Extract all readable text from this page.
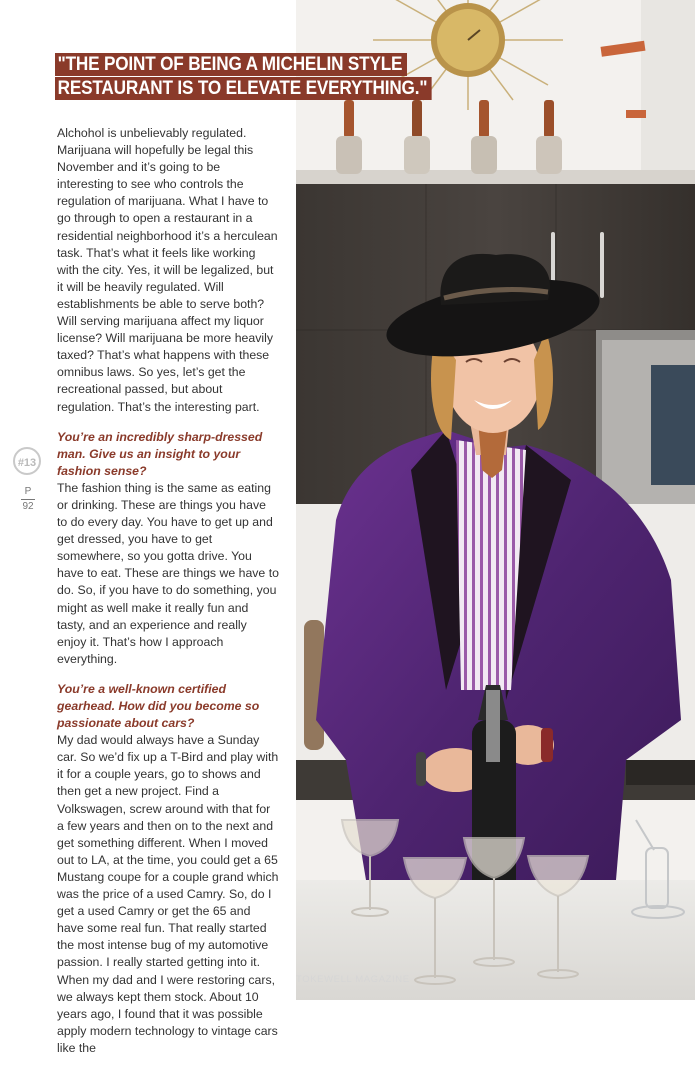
TOKEWELL MAGAZINE

Alchohol is unbelievably regulated. Marijuana will hopefully be legal this November and it’s going to be interesting to see who controls the regulation of marijuana. What I have to go through to open a restaurant in a residential neighborhood it’s a herculean task. That’s what it feels like working with the city. Yes, it will be legalized, but it will be heavily regulated. Will establishments be able to serve both? Will serving marijuana affect my liquor license? Will marijuana be more heavily taxed? That’s what happens with these omnibus laws. So yes, let’s get the recreational passed, but about regulation. That’s the interesting part.

You’re an incredibly sharp-dressed man. Give us an insight to your fashion sense?

The fashion thing is the same as eating or drinking. These are things you have to do every day. You have to get up and get dressed, you have to get somewhere, so you gotta drive. You have to eat. These are things we have to do. So, if you have to do something, you might as well make it really fun and tasty, and an experience and really enjoy it. That’s how I approach everything.

You’re a well-known certified gearhead. How did you become so passionate about cars?

My dad would always have a Sunday car. So we’d fix up a T-Bird and play with it for a couple years, go to shows and then get a new project. Find a Volkswagen, screw around with that for a few years and then on to the next and get something different. When I moved out to LA, at the time, you could get a 65 Mustang coupe for a couple grand which was the price of a used Camry. So, do I get a used Camry or get the 65 and have some real fun. That really started the most intense bug of my automotive passion. I really started getting into it. When my dad and I were restoring cars, we always kept them stock. About 10 years ago, I found that it was possible apply modern technology to vintage cars like the

#13
P
92
"THE POINT OF BEING A MICHELIN STYLE
RESTAURANT IS TO ELEVATE EVERYTHING."
